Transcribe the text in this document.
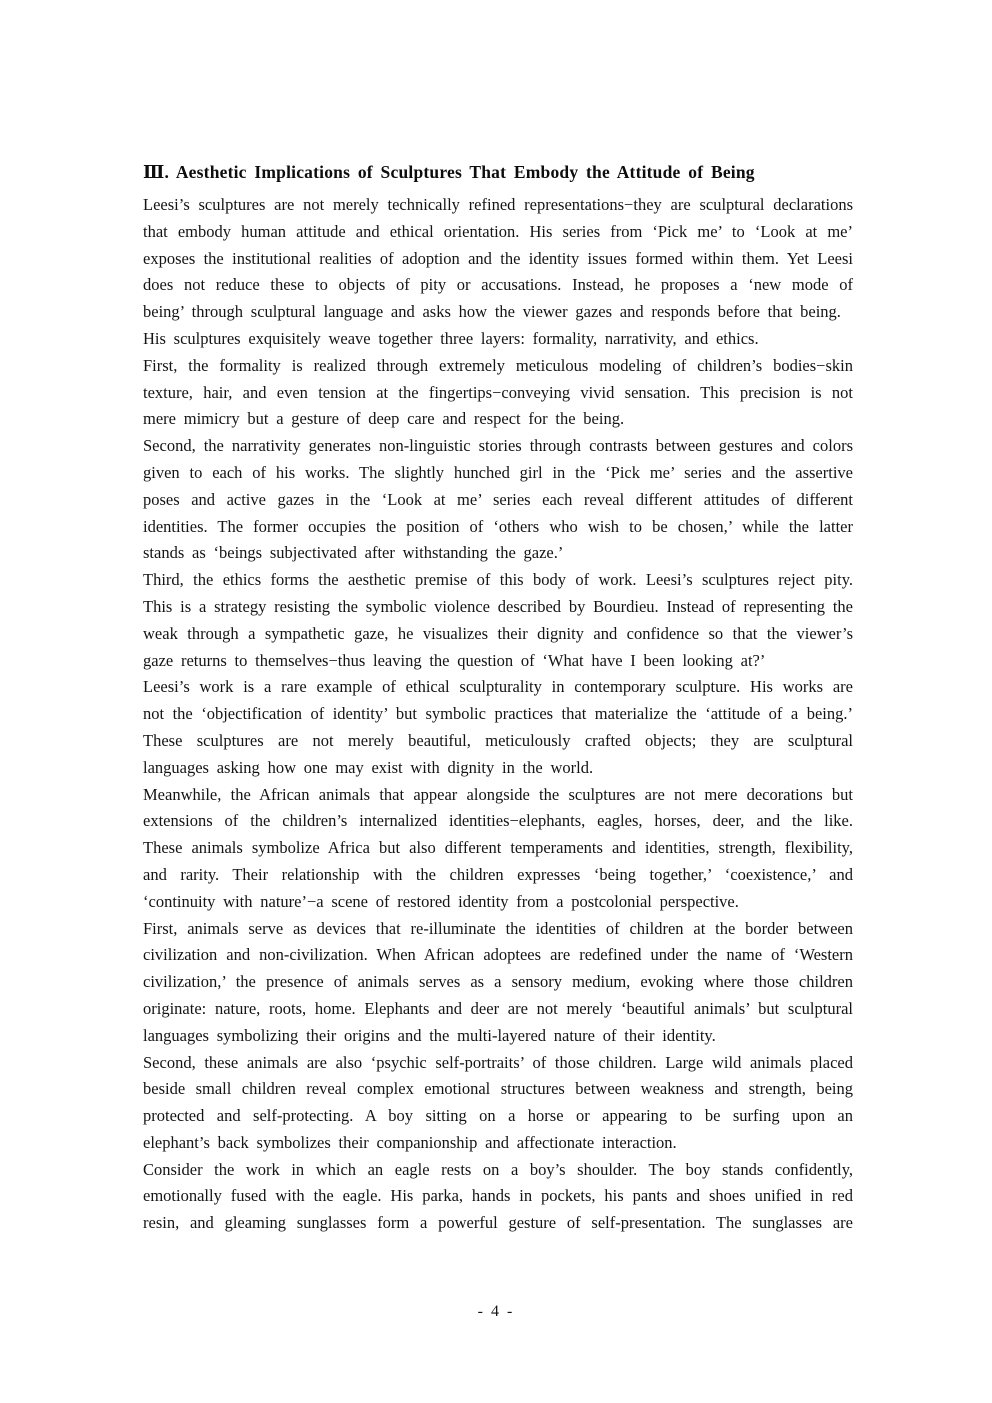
Ⅲ. Aesthetic Implications of Sculptures That Embody the Attitude of Being

Leesi’s sculptures are not merely technically refined representations−they are sculptural declarations that embody human attitude and ethical orientation. His series from ‘Pick me’ to ‘Look at me’ exposes the institutional realities of adoption and the identity issues formed within them. Yet Leesi does not reduce these to objects of pity or accusations. Instead, he proposes a ‘new mode of being’ through sculptural language and asks how the viewer gazes and responds before that being.

His sculptures exquisitely weave together three layers: formality, narrativity, and ethics.

First, the formality is realized through extremely meticulous modeling of children’s bodies−skin texture, hair, and even tension at the fingertips−conveying vivid sensation. This precision is not mere mimicry but a gesture of deep care and respect for the being.

Second, the narrativity generates non-linguistic stories through contrasts between gestures and colors given to each of his works. The slightly hunched girl in the ‘Pick me’ series and the assertive poses and active gazes in the ‘Look at me’ series each reveal different attitudes of different identities. The former occupies the position of ‘others who wish to be chosen,’ while the latter stands as ‘beings subjectivated after withstanding the gaze.’

Third, the ethics forms the aesthetic premise of this body of work. Leesi’s sculptures reject pity. This is a strategy resisting the symbolic violence described by Bourdieu. Instead of representing the weak through a sympathetic gaze, he visualizes their dignity and confidence so that the viewer’s gaze returns to themselves−thus leaving the question of ‘What have I been looking at?’

Leesi’s work is a rare example of ethical sculpturality in contemporary sculpture. His works are not the ‘objectification of identity’ but symbolic practices that materialize the ‘attitude of a being.’ These sculptures are not merely beautiful, meticulously crafted objects; they are sculptural languages asking how one may exist with dignity in the world.

Meanwhile, the African animals that appear alongside the sculptures are not mere decorations but extensions of the children’s internalized identities−elephants, eagles, horses, deer, and the like. These animals symbolize Africa but also different temperaments and identities, strength, flexibility, and rarity. Their relationship with the children expresses ‘being together,’ ‘coexistence,’ and ‘continuity with nature’−a scene of restored identity from a postcolonial perspective.

First, animals serve as devices that re-illuminate the identities of children at the border between civilization and non-civilization. When African adoptees are redefined under the name of ‘Western civilization,’ the presence of animals serves as a sensory medium, evoking where those children originate: nature, roots, home. Elephants and deer are not merely ‘beautiful animals’ but sculptural languages symbolizing their origins and the multi-layered nature of their identity.

Second, these animals are also ‘psychic self-portraits’ of those children. Large wild animals placed beside small children reveal complex emotional structures between weakness and strength, being protected and self-protecting. A boy sitting on a horse or appearing to be surfing upon an elephant’s back symbolizes their companionship and affectionate interaction.

Consider the work in which an eagle rests on a boy’s shoulder. The boy stands confidently, emotionally fused with the eagle. His parka, hands in pockets, his pants and shoes unified in red resin, and gleaming sunglasses form a powerful gesture of self-presentation. The sunglasses are

- 4 -
